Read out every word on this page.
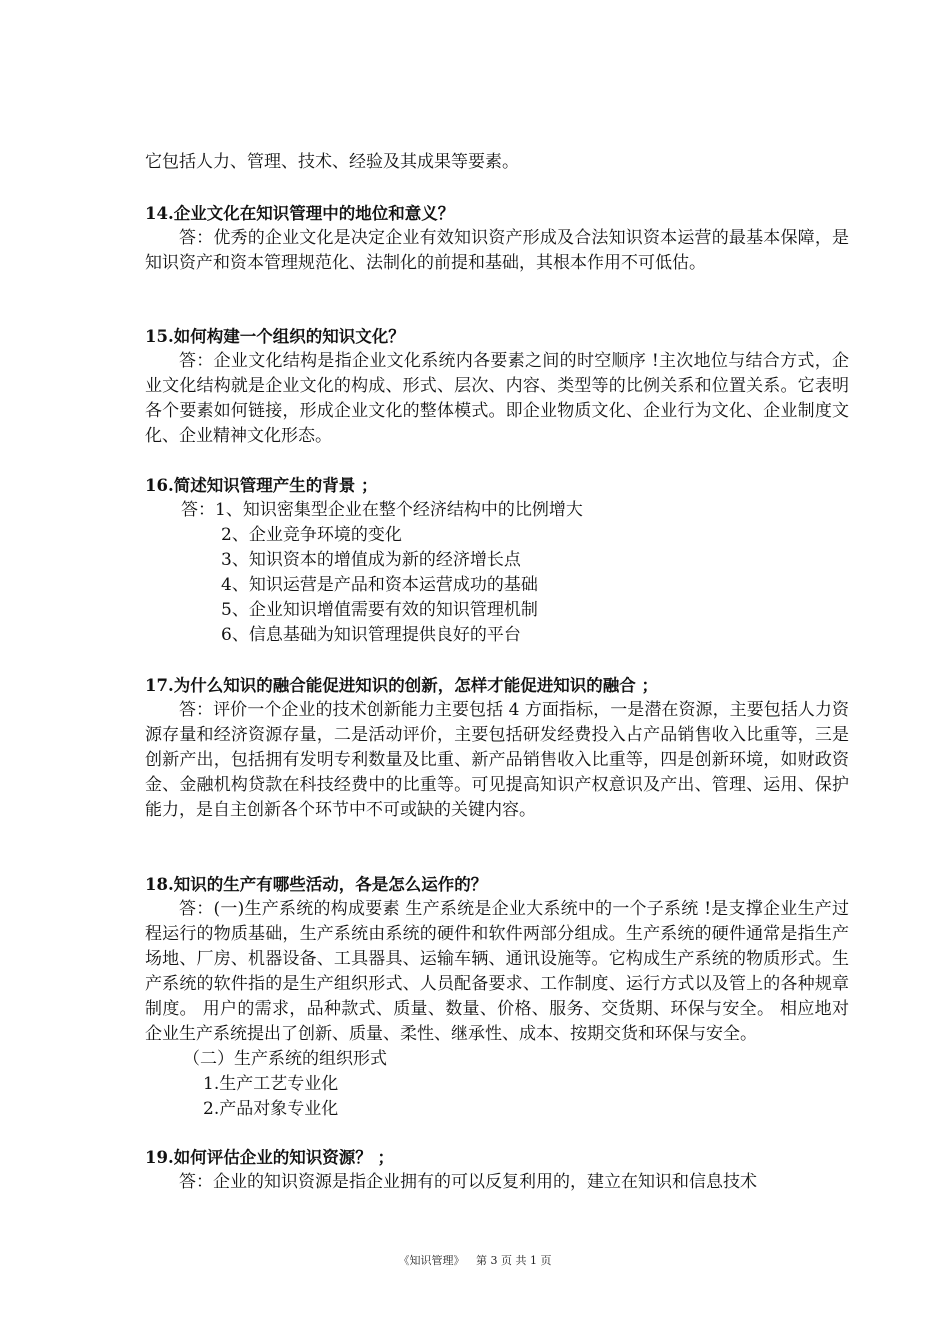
它包括人力、管理、技术、经验及其成果等要素。

14.企业文化在知识管理中的地位和意义？

答：优秀的企业文化是决定企业有效知识资产形成及合法知识资本运营的最基本保障，是知识资产和资本管理规范化、法制化的前提和基础，其根本作用不可低估。

15.如何构建一个组织的知识文化？

答：企业文化结构是指企业文化系统内各要素之间的时空顺序 !主次地位与结合方式，企业文化结构就是企业文化的构成、形式、层次、内容、类型等的比例关系和位置关系。它表明各个要素如何链接，形成企业文化的整体模式。即企业物质文化、企业行为文化、企业制度文化、企业精神文化形态。

16.简述知识管理产生的背景 ；

答：1、知识密集型企业在整个经济结构中的比例增大

2、企业竞争环境的变化

3、知识资本的增值成为新的经济增长点

4、知识运营是产品和资本运营成功的基础

5、企业知识增值需要有效的知识管理机制

6、信息基础为知识管理提供良好的平台

17.为什么知识的融合能促进知识的创新，怎样才能促进知识的融合 ；

答：评价一个企业的技术创新能力主要包括 4 方面指标，一是潜在资源，主要包括人力资源存量和经济资源存量，二是活动评价，主要包括研发经费投入占产品销售收入比重等，三是创新产出，包括拥有发明专利数量及比重、新产品销售收入比重等，四是创新环境，如财政资金、金融机构贷款在科技经费中的比重等。可见提高知识产权意识及产出、管理、运用、保护能力，是自主创新各个环节中不可或缺的关键内容。

18.知识的生产有哪些活动，各是怎么运作的？

答：(一)生产系统的构成要素 生产系统是企业大系统中的一个子系统 !是支撑企业生产过程运行的物质基础，生产系统由系统的硬件和软件两部分组成。生产系统的硬件通常是指生产场地、厂房、机器设备、工具器具、运输车辆、通讯设施等。它构成生产系统的物质形式。生产系统的软件指的是生产组织形式、人员配备要求、工作制度、运行方式以及管上的各种规章制度。 用户的需求，品种款式、质量、数量、价格、服务、交货期、环保与安全。 相应地对企业生产系统提出了创新、质量、柔性、继承性、成本、按期交货和环保与安全。

（二）生产系统的组织形式

1.生产工艺专业化

2.产品对象专业化

19.如何评估企业的知识资源？ ；

答：企业的知识资源是指企业拥有的可以反复利用的，建立在知识和信息技术

《知识管理》 第 3 页 共 1 页
